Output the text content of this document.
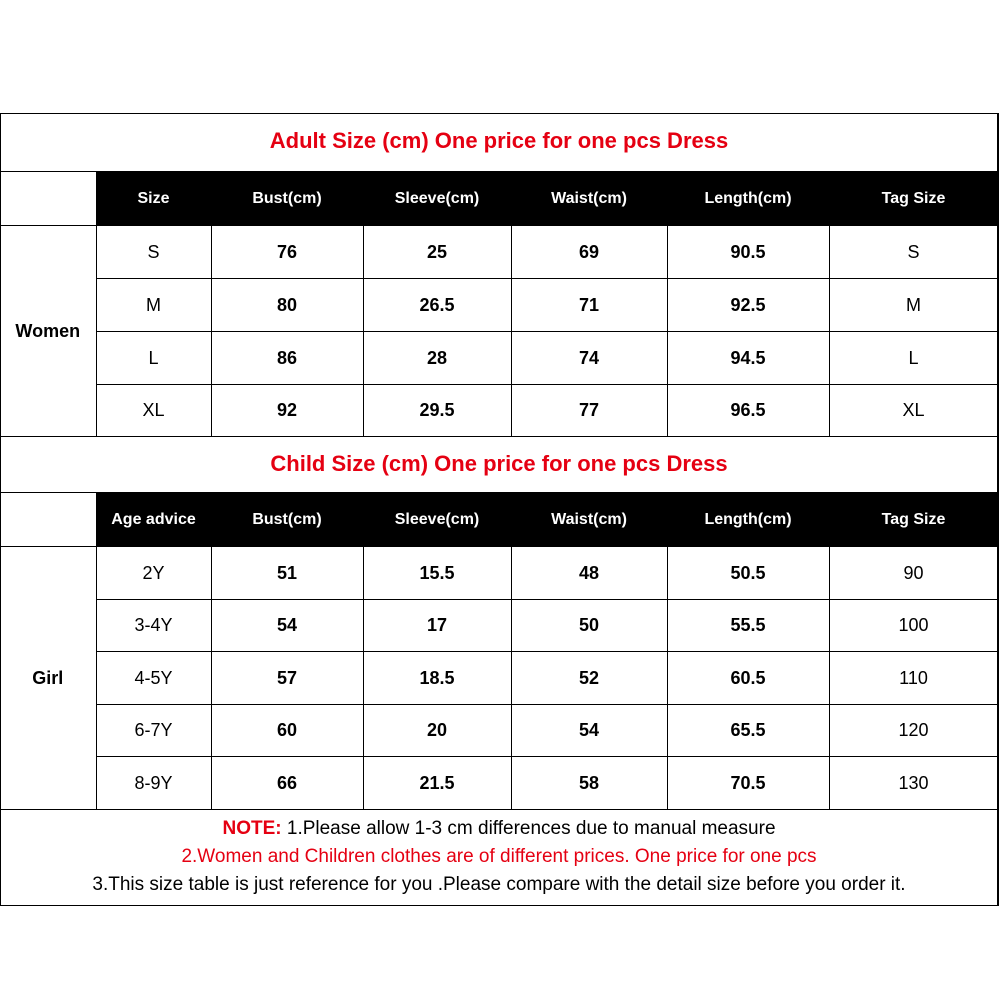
Adult Size (cm) One price for one pcs Dress
	Size	Bust(cm)	Sleeve(cm)	Waist(cm)	Length(cm)	Tag Size
Women	S	76	25	69	90.5	S
	M	80	26.5	71	92.5	M
	L	86	28	74	94.5	L
	XL	92	29.5	77	96.5	XL
Child Size (cm) One price for one pcs Dress
	Age advice	Bust(cm)	Sleeve(cm)	Waist(cm)	Length(cm)	Tag Size
Girl	2Y	51	15.5	48	50.5	90
	3-4Y	54	17	50	55.5	100
	4-5Y	57	18.5	52	60.5	110
	6-7Y	60	20	54	65.5	120
	8-9Y	66	21.5	58	70.5	130
NOTE: 1.Please allow 1-3 cm differences due to manual measure
2.Women and Children clothes are of different prices. One price for one pcs
3.This size table is just reference for you .Please compare with the detail size before you order it.
